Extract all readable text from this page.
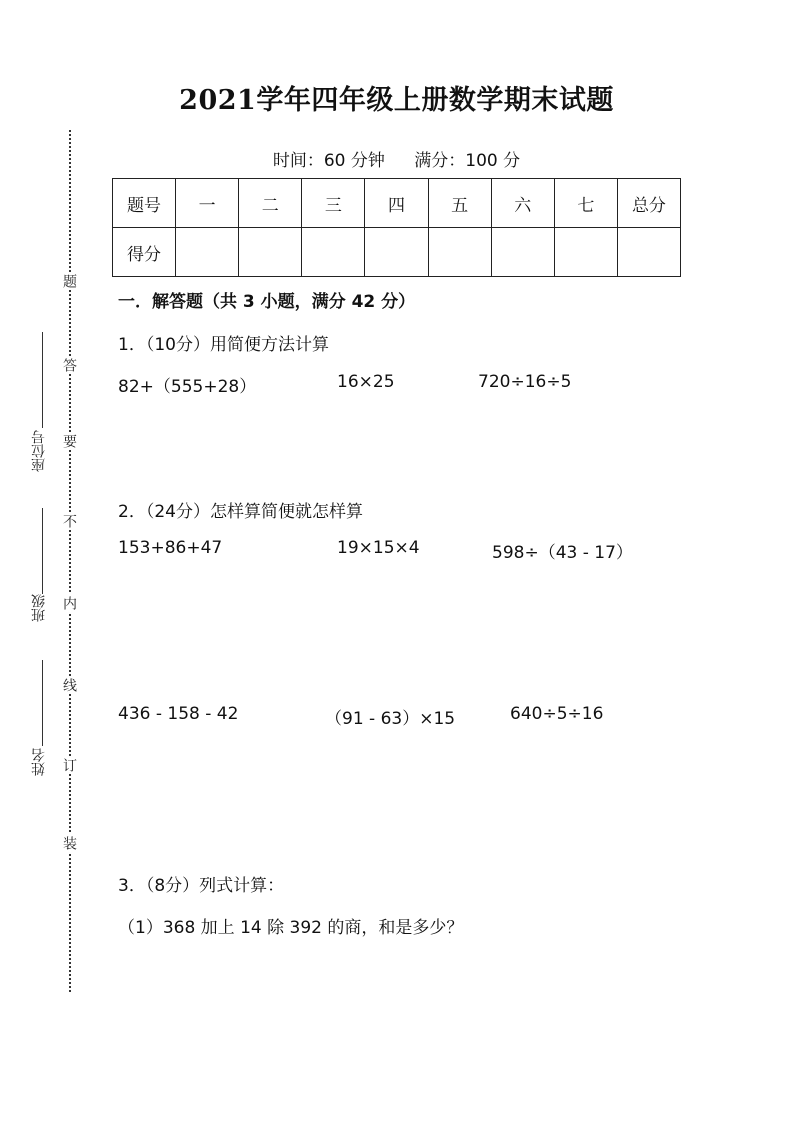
2021学年四年级上册数学期末试题
时间：60 分钟 满分：100 分
题号	一	二	三	四	五	六	七	总分
得分								
一．解答题（共 3 小题，满分 42 分）
1．（10分）用简便方法计算
82+（555+28）	16×25	720÷16÷5
2．（24分）怎样算简便就怎样算
153+86+47	19×15×4	598÷（43 - 17）
436 - 158 - 42	（91 - 63）×15	640÷5÷16
3．（8分）列式计算：
（1）368 加上 14 除 392 的商，和是多少？
题
答
要
不
内
线
订
装
座位号
班级
姓名
